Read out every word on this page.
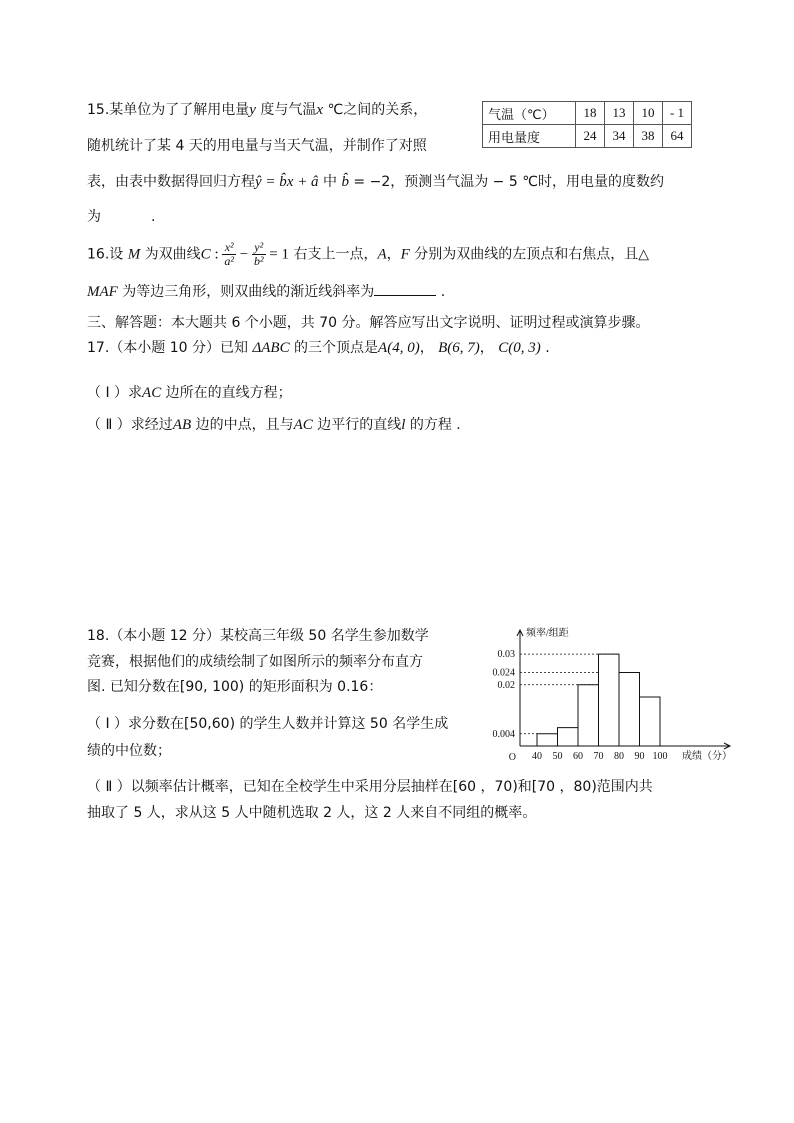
15.某单位为了了解用电量y 度与气温x ℃之间的关系，	气温（℃）	18	13	10	- 1
用电量度	24	34	38	64
随机统计了某 4 天的用电量与当天气温，并制作了对照
表，由表中数据得回归方程ŷ = b̂x + â 中 b̂ = −2，预测当气温为 − 5 ℃时，用电量的度数约
为	.
16.设 M 为双曲线C : $\frac{\text{x²}}{\text{a²}} - \frac{\text{y²}}{\text{b²}} = 1$ 右支上一点，A，F 分别为双曲线的左顶点和右焦点，且△
MAF 为等边三角形，则双曲线的渐近线斜率为	.
三、解答题：本大题共 6 个小题，共 70 分。解答应写出文字说明、证明过程或演算步骤。
17.（本小题 10 分）已知 ΔABC 的三个顶点是A(4, 0)， B(6, 7)， C(0, 3) .
（ Ⅰ ）求AC 边所在的直线方程；
（ Ⅱ ）求经过AB 边的中点，且与AC 边平行的直线l 的方程 .
18.（本小题 12 分）某校高三年级 50 名学生参加数学
竞赛，根据他们的成绩绘制了如图所示的频率分布直方
图. 已知分数在[90, 100) 的矩形面积为 0.16：
（ Ⅰ ）求分数在[50,60) 的学生人数并计算这 50 名学生成
绩的中位数；
（ Ⅱ ）以频率估计概率，已知在全校学生中采用分层抽样在[60 ，70)和[70 ，80)范围内共
抽取了 5 人，求从这 5 人中随机选取 2 人，这 2 人来自不同组的概率。
0.004
0.02
0.024
0.03
40 50 60 70 80 90 100
O
频率/组距
成绩（分）
